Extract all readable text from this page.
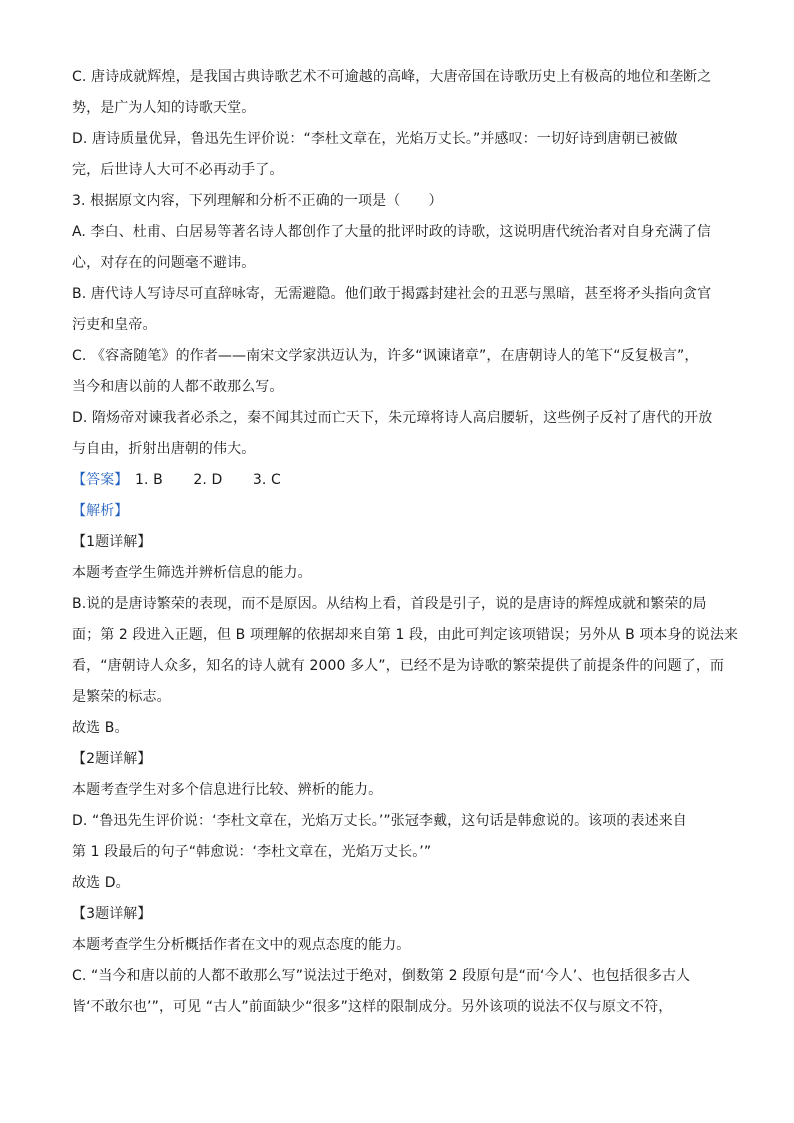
C. 唐诗成就辉煌，是我国古典诗歌艺术不可逾越的高峰，大唐帝国在诗歌历史上有极高的地位和垄断之
势，是广为人知的诗歌天堂。
D. 唐诗质量优异，鲁迅先生评价说：“李杜文章在，光焰万丈长。”并感叹：一切好诗到唐朝已被做
完，后世诗人大可不必再动手了。
3. 根据原文内容，下列理解和分析不正确的一项是（　　）
A. 李白、杜甫、白居易等著名诗人都创作了大量的批评时政的诗歌，这说明唐代统治者对自身充满了信
心，对存在的问题毫不避讳。
B. 唐代诗人写诗尽可直辞咏寄，无需避隐。他们敢于揭露封建社会的丑恶与黑暗，甚至将矛头指向贪官
污吏和皇帝。
C. 《容斋随笔》的作者——南宋文学家洪迈认为，许多“讽谏诸章”，在唐朝诗人的笔下“反复极言”，
当今和唐以前的人都不敢那么写。
D. 隋炀帝对谏我者必杀之，秦不闻其过而亡天下，朱元璋将诗人高启腰斩，这些例子反衬了唐代的开放
与自由，折射出唐朝的伟大。
【答案】 1. B 2. D 3. C
【解析】
【1题详解】
本题考查学生筛选并辨析信息的能力。
B.说的是唐诗繁荣的表现，而不是原因。从结构上看，首段是引子，说的是唐诗的辉煌成就和繁荣的局
面；第 2 段进入正题，但 B 项理解的依据却来自第 1 段，由此可判定该项错误；另外从 B 项本身的说法来
看，“唐朝诗人众多，知名的诗人就有 2000 多人”，已经不是为诗歌的繁荣提供了前提条件的问题了，而
是繁荣的标志。
故选 B。
【2题详解】
本题考查学生对多个信息进行比较、辨析的能力。
D. “鲁迅先生评价说：‘李杜文章在，光焰万丈长。’”张冠李戴，这句话是韩愈说的。该项的表述来自
第 1 段最后的句子“韩愈说：‘李杜文章在，光焰万丈长。’”
故选 D。
【3题详解】
本题考查学生分析概括作者在文中的观点态度的能力。
C. “当今和唐以前的人都不敢那么写”说法过于绝对，倒数第 2 段原句是“而‘今人’、也包括很多古人
皆‘不敢尔也’”，可见 “古人”前面缺少“很多”这样的限制成分。另外该项的说法不仅与原文不符，
